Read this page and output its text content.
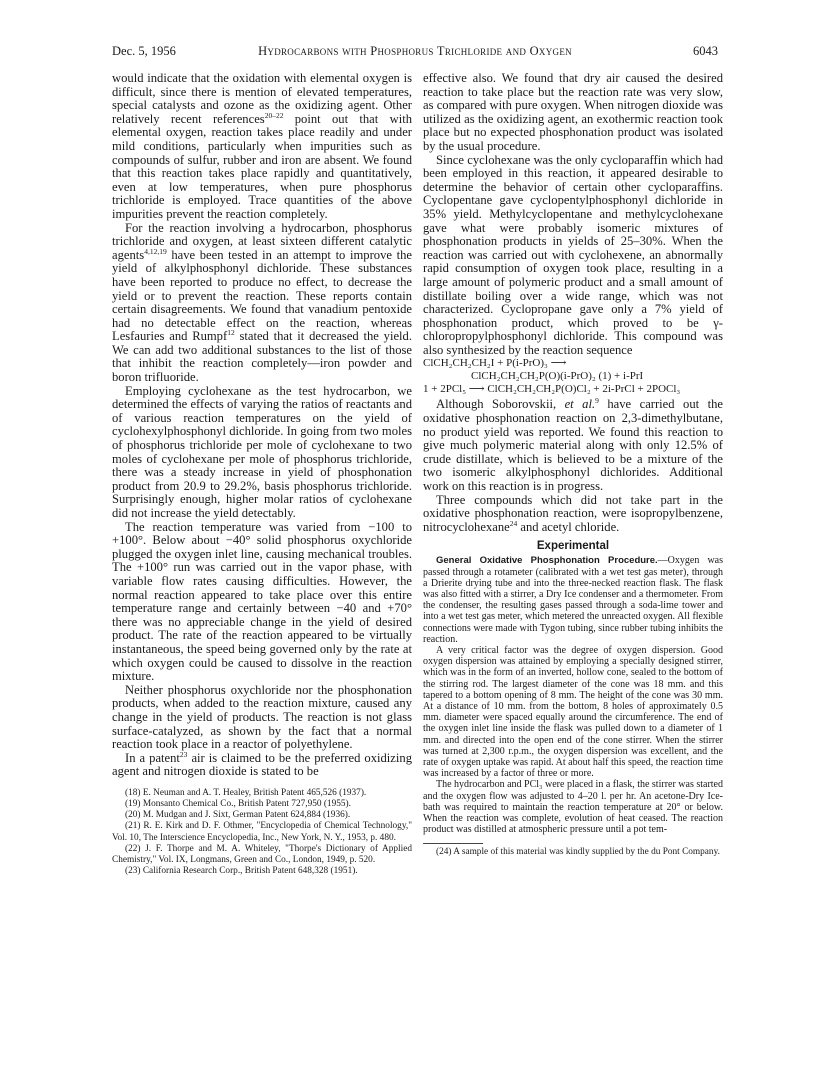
Dec. 5, 1956	Hydrocarbons with Phosphorus Trichloride and Oxygen	6043

would indicate that the oxidation with elemental oxygen is difficult, since there is mention of elevated temperatures, special catalysts and ozone as the oxidizing agent. Other relatively recent references$^{20-22}$ point out that with elemental oxygen, reaction takes place readily and under mild conditions, particularly when impurities such as compounds of sulfur, rubber and iron are absent. We found that this reaction takes place rapidly and quantitatively, even at low temperatures, when pure phosphorus trichloride is employed. Trace quantities of the above impurities prevent the reaction completely.

For the reaction involving a hydrocarbon, phosphorus trichloride and oxygen, at least sixteen different catalytic agents$^{4,12,19}$ have been tested in an attempt to improve the yield of alkylphosphonyl dichloride. These substances have been reported to produce no effect, to decrease the yield or to prevent the reaction. These reports contain certain disagreements. We found that vanadium pentoxide had no detectable effect on the reaction, whereas Lesfauries and Rumpf$^{12}$ stated that it decreased the yield. We can add two additional substances to the list of those that inhibit the reaction completely—iron powder and boron trifluoride.

Employing cyclohexane as the test hydrocarbon, we determined the effects of varying the ratios of reactants and of various reaction temperatures on the yield of cyclohexylphosphonyl dichloride. In going from two moles of phosphorus trichloride per mole of cyclohexane to two moles of cyclohexane per mole of phosphorus trichloride, there was a steady increase in yield of phosphonation product from 20.9 to 29.2%, basis phosphorus trichloride. Surprisingly enough, higher molar ratios of cyclohexane did not increase the yield detectably.

The reaction temperature was varied from −100 to +100°. Below about −40° solid phosphorus oxychloride plugged the oxygen inlet line, causing mechanical troubles. The +100° run was carried out in the vapor phase, with variable flow rates causing difficulties. However, the normal reaction appeared to take place over this entire temperature range and certainly between −40 and +70° there was no appreciable change in the yield of desired product. The rate of the reaction appeared to be virtually instantaneous, the speed being governed only by the rate at which oxygen could be caused to dissolve in the reaction mixture.

Neither phosphorus oxychloride nor the phosphonation products, when added to the reaction mixture, caused any change in the yield of products. The reaction is not glass surface-catalyzed, as shown by the fact that a normal reaction took place in a reactor of polyethylene.

In a patent$^{23}$ air is claimed to be the preferred oxidizing agent and nitrogen dioxide is stated to be

(18) E. Neuman and A. T. Healey, British Patent 465,526 (1937).

(19) Monsanto Chemical Co., British Patent 727,950 (1955).

(20) M. Mudgan and J. Sixt, German Patent 624,884 (1936).

(21) R. E. Kirk and D. F. Othmer, "Encyclopedia of Chemical Technology," Vol. 10, The Interscience Encyclopedia, Inc., New York, N. Y., 1953, p. 480.

(22) J. F. Thorpe and M. A. Whiteley, "Thorpe's Dictionary of Applied Chemistry," Vol. IX, Longmans, Green and Co., London, 1949, p. 520.

(23) California Research Corp., British Patent 648,328 (1951).

effective also. We found that dry air caused the desired reaction to take place but the reaction rate was very slow, as compared with pure oxygen. When nitrogen dioxide was utilized as the oxidizing agent, an exothermic reaction took place but no expected phosphonation product was isolated by the usual procedure.

Since cyclohexane was the only cycloparaffin which had been employed in this reaction, it appeared desirable to determine the behavior of certain other cycloparaffins. Cyclopentane gave cyclopentylphosphonyl dichloride in 35% yield. Methylcyclopentane and methylcyclohexane gave what were probably isomeric mixtures of phosphonation products in yields of 25–30%. When the reaction was carried out with cyclohexene, an abnormally rapid consumption of oxygen took place, resulting in a large amount of polymeric product and a small amount of distillate boiling over a wide range, which was not characterized. Cyclopropane gave only a 7% yield of phosphonation product, which proved to be γ-chloropropylphosphonyl dichloride. This compound was also synthesized by the reaction sequence

ClCH₂CH₂CH₂I + P(i-PrO)₃ ⟶
ClCH₂CH₂CH₂P(O)(i-PrO)₂ (1) + i-PrI
1 + 2PCl₅ ⟶ ClCH₂CH₂CH₂P(O)Cl₂ + 2i-PrCl + 2POCl₃

Although Soborovskii, et al.$^9$ have carried out the oxidative phosphonation reaction on 2,3-dimethylbutane, no product yield was reported. We found this reaction to give much polymeric material along with only 12.5% of crude distillate, which is believed to be a mixture of the two isomeric alkylphosphonyl dichlorides. Additional work on this reaction is in progress.

Three compounds which did not take part in the oxidative phosphonation reaction, were isopropylbenzene, nitrocyclohexane$^{24}$ and acetyl chloride.

Experimental

General Oxidative Phosphonation Procedure.—Oxygen was passed through a rotameter (calibrated with a wet test gas meter), through a Drierite drying tube and into the three-necked reaction flask. The flask was also fitted with a stirrer, a Dry Ice condenser and a thermometer. From the condenser, the resulting gases passed through a soda-lime tower and into a wet test gas meter, which metered the unreacted oxygen. All flexible connections were made with Tygon tubing, since rubber tubing inhibits the reaction.

A very critical factor was the degree of oxygen dispersion. Good oxygen dispersion was attained by employing a specially designed stirrer, which was in the form of an inverted, hollow cone, sealed to the bottom of the stirring rod. The largest diameter of the cone was 18 mm. and this tapered to a bottom opening of 8 mm. The height of the cone was 30 mm. At a distance of 10 mm. from the bottom, 8 holes of approximately 0.5 mm. diameter were spaced equally around the circumference. The end of the oxygen inlet line inside the flask was pulled down to a diameter of 1 mm. and directed into the open end of the cone stirrer. When the stirrer was turned at 2,300 r.p.m., the oxygen dispersion was excellent, and the rate of oxygen uptake was rapid. At about half this speed, the reaction time was increased by a factor of three or more.

The hydrocarbon and PCl₃ were placed in a flask, the stirrer was started and the oxygen flow was adjusted to 4–20 l. per hr. An acetone-Dry Ice-bath was required to maintain the reaction temperature at 20° or below. When the reaction was complete, evolution of heat ceased. The reaction product was distilled at atmospheric pressure until a pot tem-

(24) A sample of this material was kindly supplied by the du Pont Company.
